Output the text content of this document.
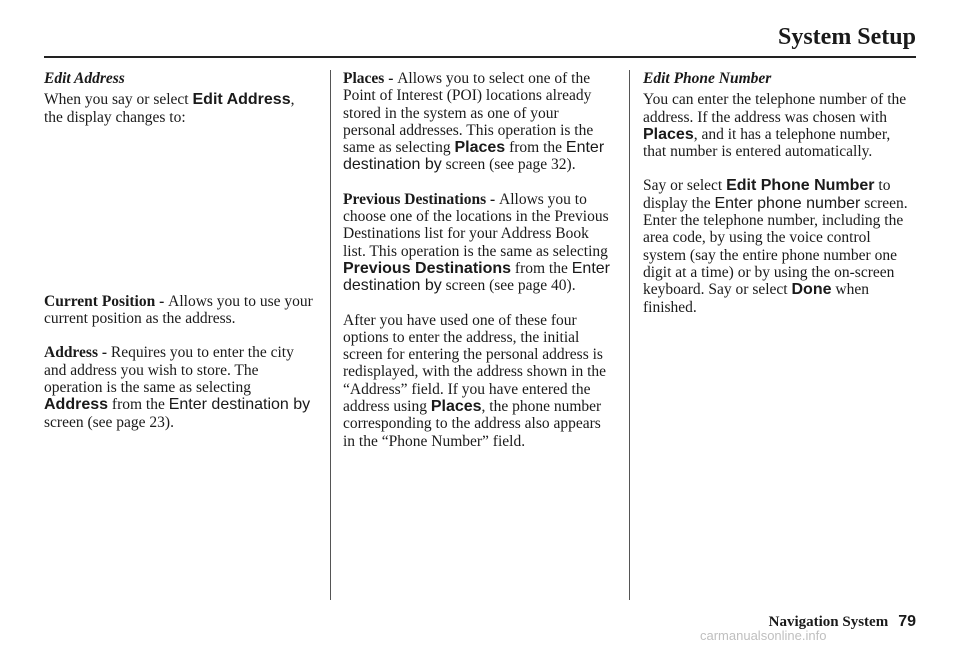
System Setup

Edit Address

When you say or select Edit Address, the display changes to:

Current Position - Allows you to use your current position as the address.

Address - Requires you to enter the city and address you wish to store. The operation is the same as selecting Address from the Enter destination by screen (see page 23).

Places - Allows you to select one of the Point of Interest (POI) locations already stored in the system as one of your personal addresses. This operation is the same as selecting Places from the Enter destination by screen (see page 32).

Previous Destinations - Allows you to choose one of the locations in the Previous Destinations list for your Address Book list. This operation is the same as selecting Previous Destinations from the Enter destination by screen (see page 40).

After you have used one of these four options to enter the address, the initial screen for entering the personal address is redisplayed, with the address shown in the “Address” field. If you have entered the address using Places, the phone number corresponding to the address also appears in the “Phone Number” field.

Edit Phone Number

You can enter the telephone number of the address. If the address was chosen with Places, and it has a telephone number, that number is entered automatically.

Say or select Edit Phone Number to display the Enter phone number screen. Enter the telephone number, including the area code, by using the voice control system (say the entire phone number one digit at a time) or by using the on-screen keyboard. Say or select Done when finished.

Navigation System 79
carmanualsonline.info
